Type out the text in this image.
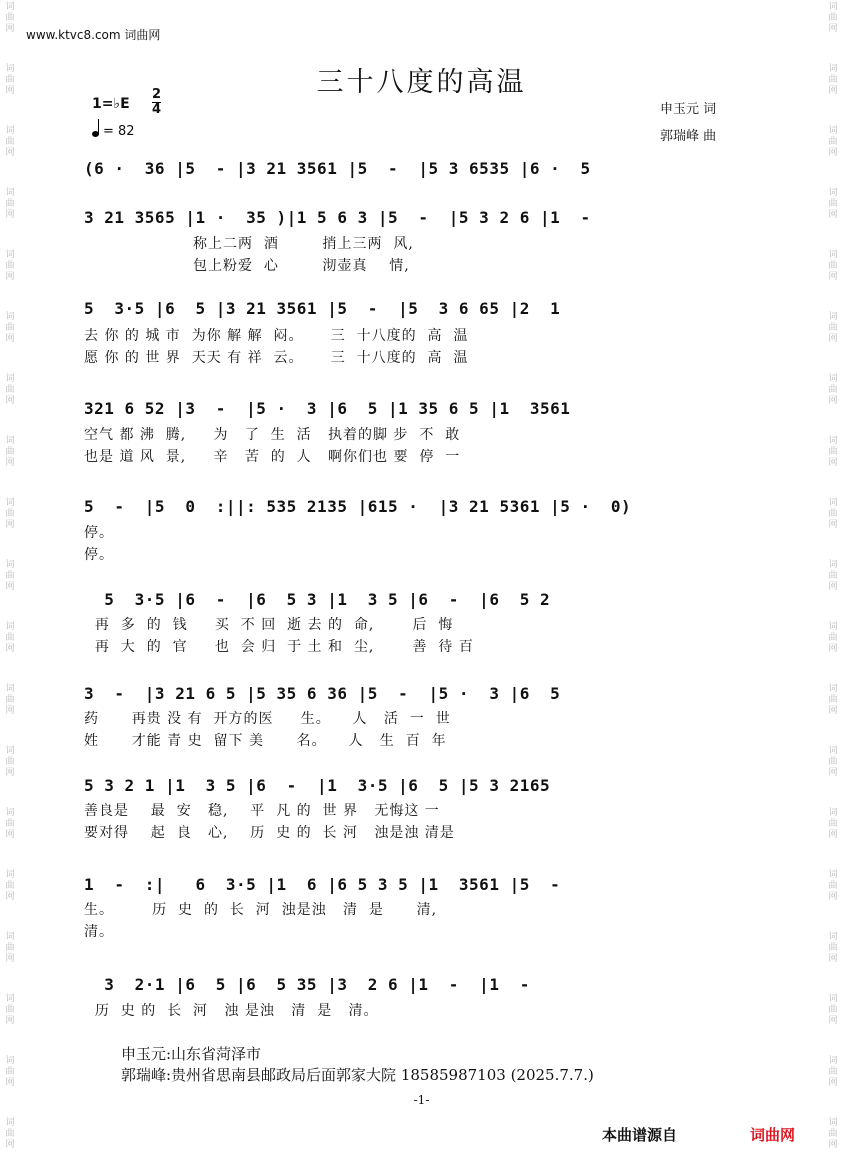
词曲网
词曲网
词曲网
词曲网
词曲网
词曲网
词曲网
词曲网
词曲网
词曲网
词曲网
词曲网
词曲网
词曲网
词曲网
词曲网
词曲网
词曲网
词曲网
词曲网
词曲网
词曲网
词曲网
词曲网
词曲网
词曲网
词曲网
词曲网
词曲网
词曲网
词曲网
词曲网
词曲网
词曲网
词曲网
词曲网
词曲网
词曲网
www.ktvc8.com 词曲网
三十八度的高温
1=♭E
2
4
= 82
申玉元 词
郭瑞峰 曲
(6 ·  36 |5  - |3 21 3561 |5  -  |5 3 6535 |6 ·  5
3 21 3565 |1 ·  35 )|1 5 6 3 |5  -  |5 3 2 6 |1  -
称上二两  酒        捎上三两  风,
包上粉爱  心        沏壶真    情,
5  3·5 |6  5 |3 21 3561 |5  -  |5  3 6 65 |2  1
去 你 的 城 市  为你 解 解  闷。     三  十八度的  高  温
愿 你 的 世 界  天天 有 祥  云。     三  十八度的  高  温
321 6 52 |3  -  |5 ·  3 |6  5 |1 35 6 5 |1  3561
空气 都 沸  腾,     为   了  生  活   执着的脚 步  不  敢
也是 道 风  景,     辛   苦  的  人   啊你们也 要  停  一
5  -  |5  0  :||: 535 2135 |615 ·  |3 21 5361 |5 ·  0)
停。
停。
5  3·5 |6  -  |6  5 3 |1  3 5 |6  -  |6  5 2
再  多  的  钱     买  不 回  逝 去 的  命,       后  悔
再  大  的  官     也  会 归  于 土 和  尘,       善  待 百
3  -  |3 21 6 5 |5 35 6 36 |5  -  |5 ·  3 |6  5
药      再贵 没 有  开方的医     生。    人   活  一  世
姓      才能 青 史  留下 美      名。    人   生  百  年
5 3 2 1 |1  3 5 |6  -  |1  3·5 |6  5 |5 3 2165
善良是    最  安   稳,    平  凡 的  世 界   无悔这 一
要对得    起  良   心,    历  史 的  长 河   浊是浊 清是
1  -  :|   6  3·5 |1  6 |6 5 3 5 |1  3561 |5  -
生。       历  史  的  长  河  浊是浊   清  是      清,
清。
3  2·1 |6  5 |6  5 35 |3  2 6 |1  -  |1  -
历  史 的  长  河   浊 是浊   清  是   清。
申玉元:山东省菏泽市
郭瑞峰:贵州省思南县邮政局后面郭家大院 18585987103 (2025.7.7.)
-1-
本曲谱源自	词曲网
